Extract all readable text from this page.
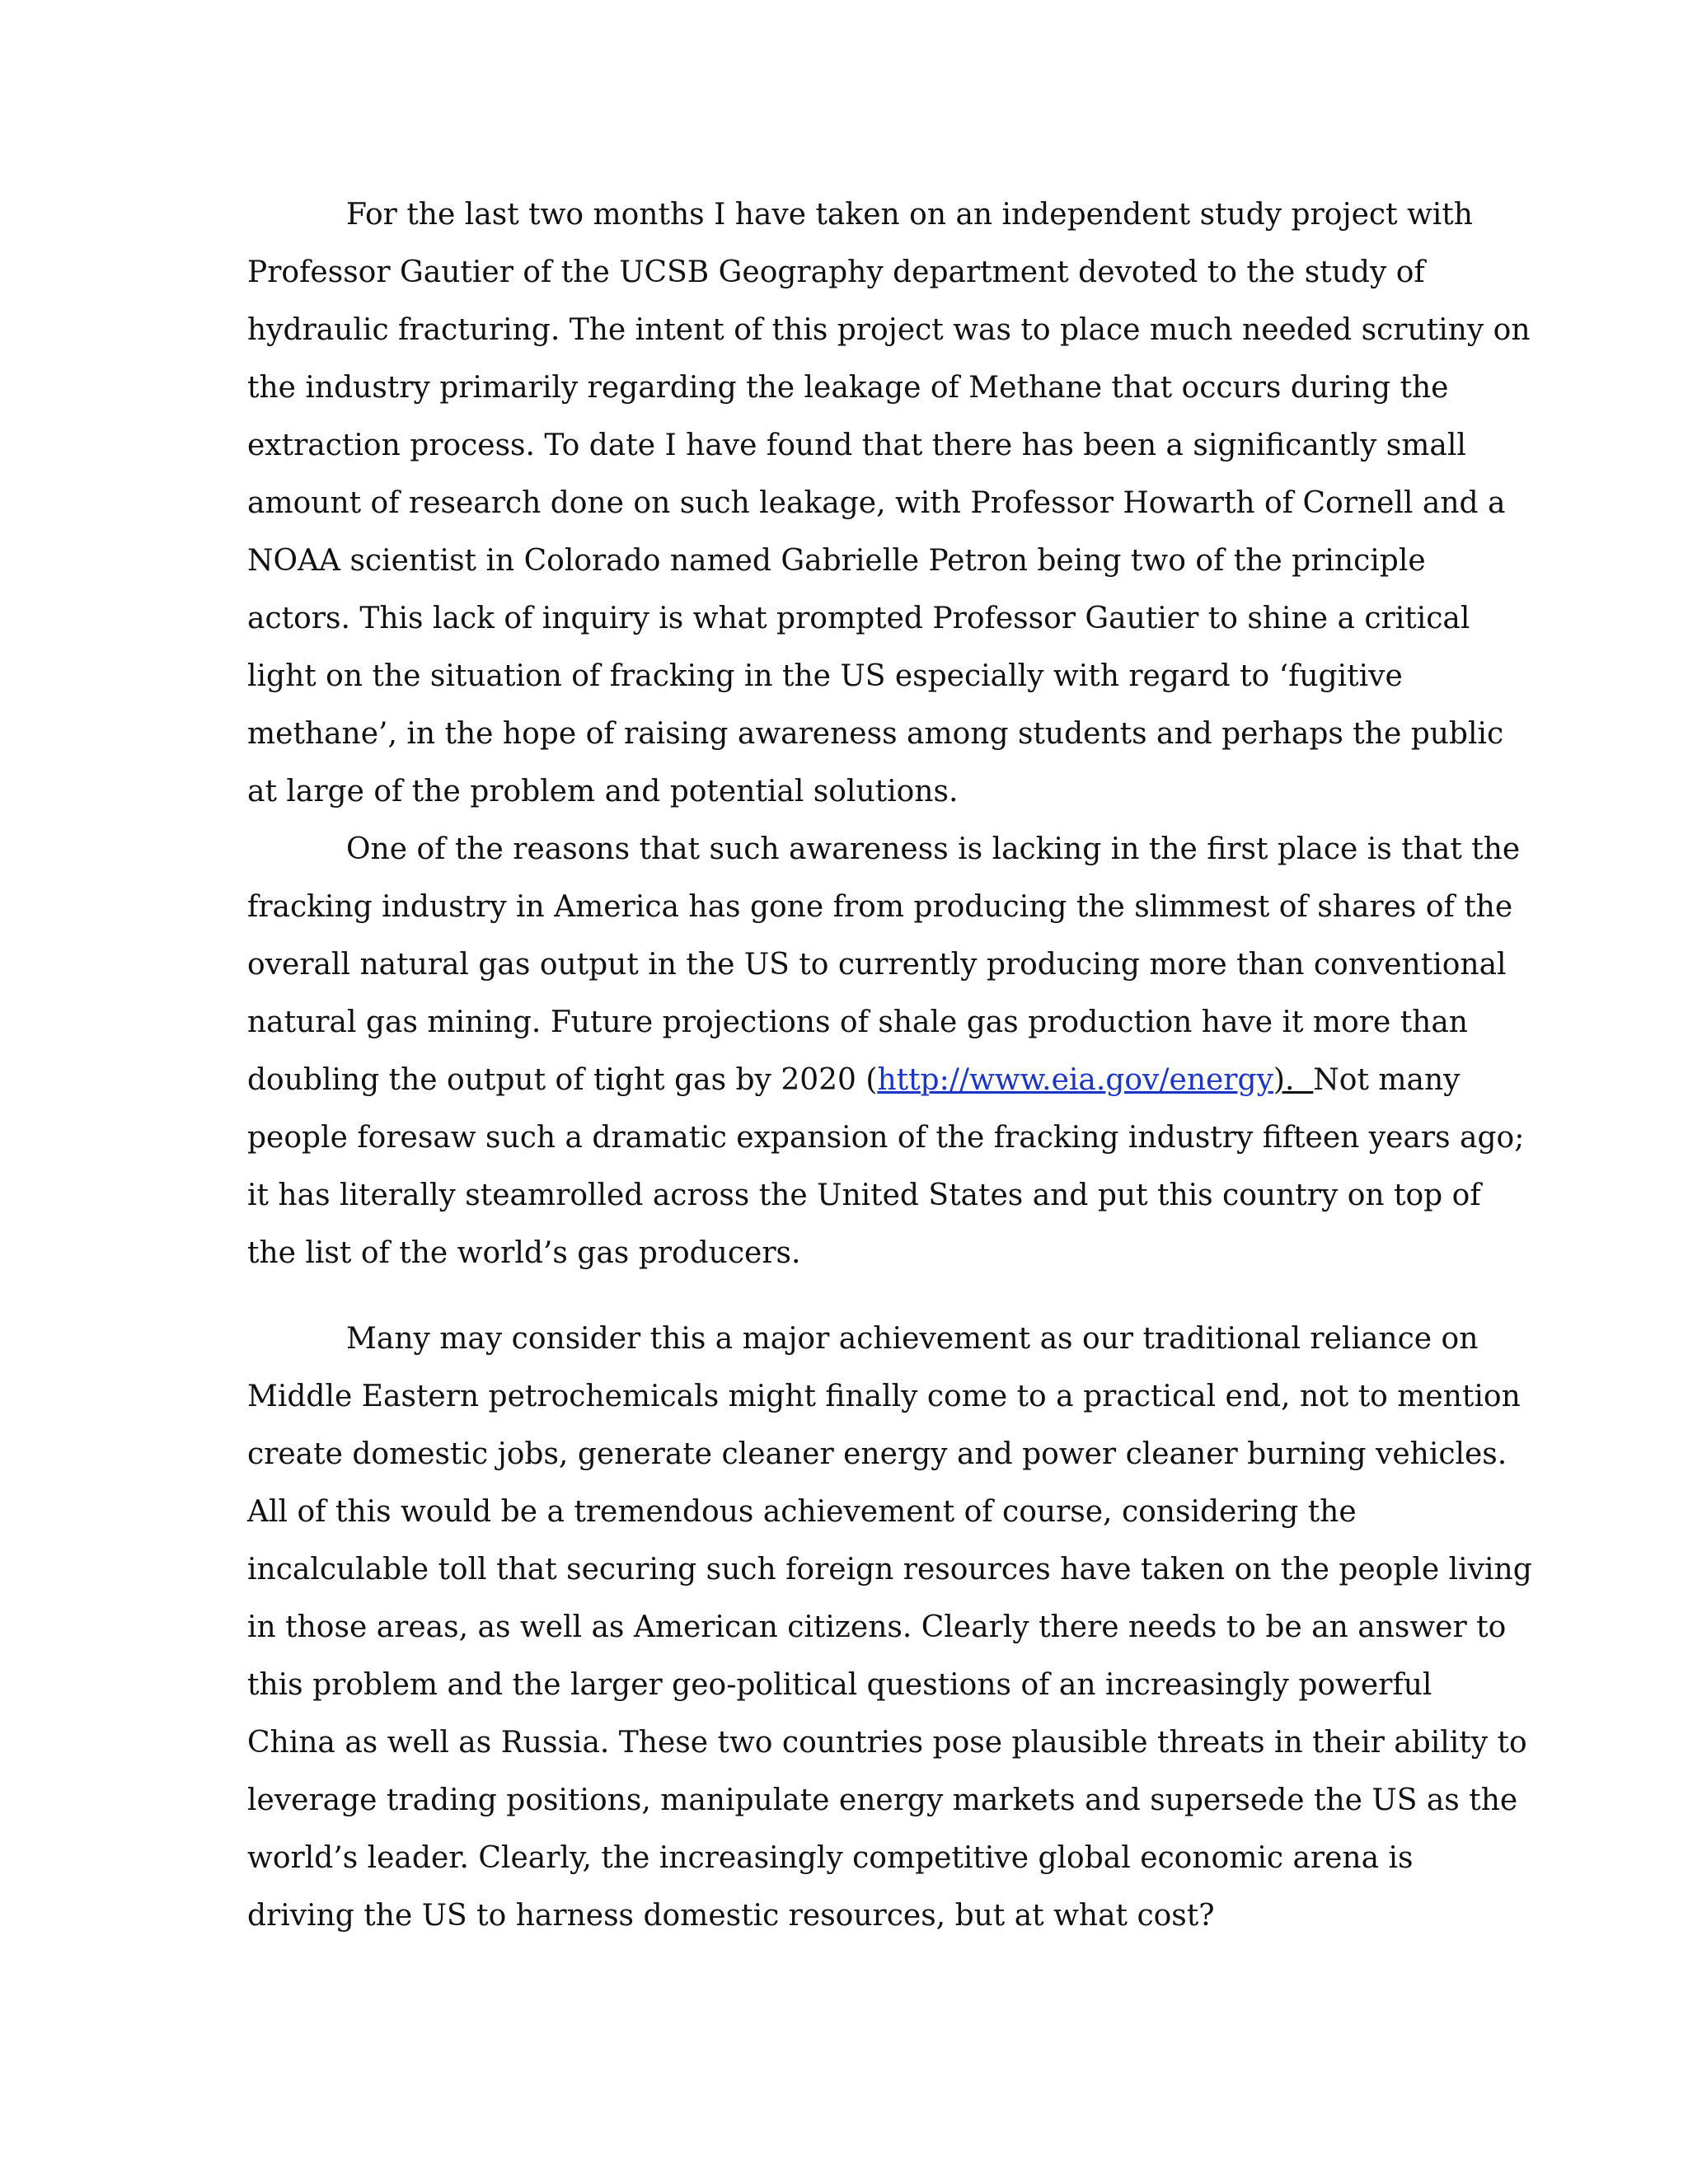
For the last two months I have taken on an independent study project with
Professor Gautier of the UCSB Geography department devoted to the study of
hydraulic fracturing. The intent of this project was to place much needed scrutiny on
the industry primarily regarding the leakage of Methane that occurs during the
extraction process. To date I have found that there has been a significantly small
amount of research done on such leakage, with Professor Howarth of Cornell and a
NOAA scientist in Colorado named Gabrielle Petron being two of the principle
actors. This lack of inquiry is what prompted Professor Gautier to shine a critical
light on the situation of fracking in the US especially with regard to ‘fugitive
methane’, in the hope of raising awareness among students and perhaps the public
at large of the problem and potential solutions.
One of the reasons that such awareness is lacking in the first place is that the
fracking industry in America has gone from producing the slimmest of shares of the
overall natural gas output in the US to currently producing more than conventional
natural gas mining. Future projections of shale gas production have it more than
doubling the output of tight gas by 2020 (http://www.eia.gov/energy).  Not many
people foresaw such a dramatic expansion of the fracking industry fifteen years ago;
it has literally steamrolled across the United States and put this country on top of
the list of the world’s gas producers.
Many may consider this a major achievement as our traditional reliance on
Middle Eastern petrochemicals might finally come to a practical end, not to mention
create domestic jobs, generate cleaner energy and power cleaner burning vehicles.
All of this would be a tremendous achievement of course, considering the
incalculable toll that securing such foreign resources have taken on the people living
in those areas, as well as American citizens. Clearly there needs to be an answer to
this problem and the larger geo-political questions of an increasingly powerful
China as well as Russia. These two countries pose plausible threats in their ability to
leverage trading positions, manipulate energy markets and supersede the US as the
world’s leader. Clearly, the increasingly competitive global economic arena is
driving the US to harness domestic resources, but at what cost?
